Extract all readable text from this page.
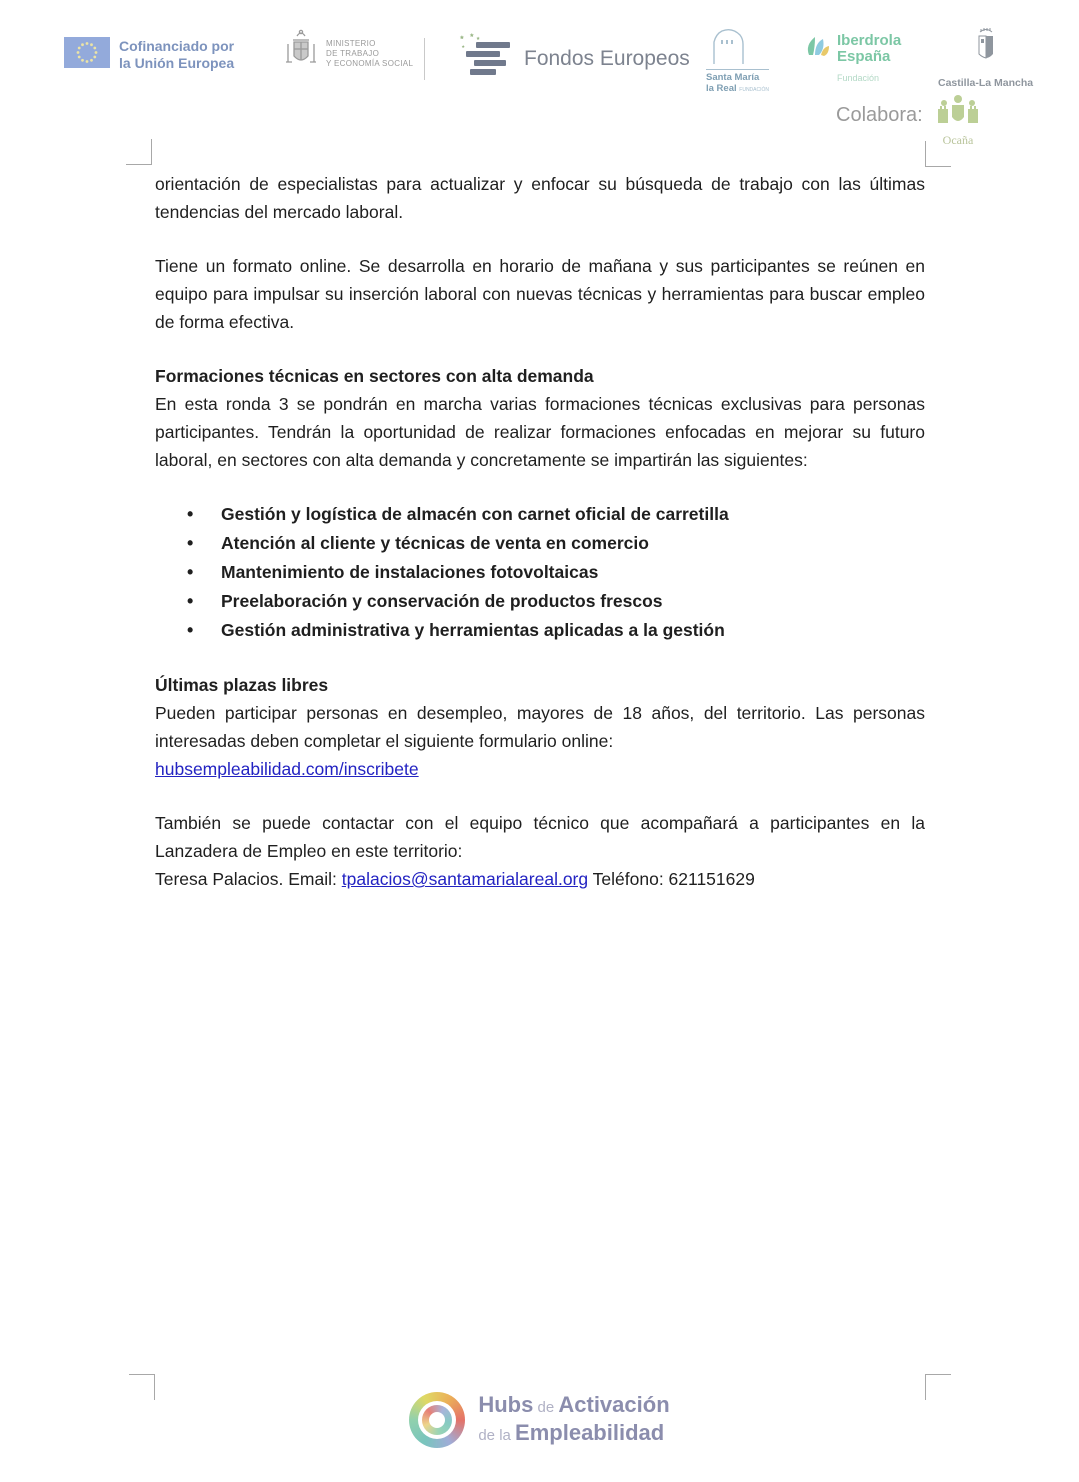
Cofinanciado por
la Unión Europea
MINISTERIO
DE TRABAJO
Y ECONOMÍA SOCIAL	Fondos Europeos
Santa María
la Real FUNDACIÓN
Iberdrola
España
Fundación	Castilla-La Mancha
Colabora:
Ocaña

orientación de especialistas para actualizar y enfocar su búsqueda de trabajo con las últimas tendencias del mercado laboral.

Tiene un formato online. Se desarrolla en horario de mañana y sus participantes se reúnen en equipo para impulsar su inserción laboral con nuevas técnicas y herramientas para buscar empleo de forma efectiva.

Formaciones técnicas en sectores con alta demanda

En esta ronda 3 se pondrán en marcha varias formaciones técnicas exclusivas para personas participantes. Tendrán la oportunidad de realizar formaciones enfocadas en mejorar su futuro laboral, en sectores con alta demanda y concretamente se impartirán las siguientes:

• Gestión y logística de almacén con carnet oficial de carretilla
• Atención al cliente y técnicas de venta en comercio
• Mantenimiento de instalaciones fotovoltaicas
• Preelaboración y conservación de productos frescos
• Gestión administrativa y herramientas aplicadas a la gestión
Últimas plazas libres

Pueden participar personas en desempleo, mayores de 18 años, del territorio. Las personas interesadas deben completar el siguiente formulario online:
hubsempleabilidad.com/inscribete

También se puede contactar con el equipo técnico que acompañará a participantes en la Lanzadera de Empleo en este territorio:

Teresa Palacios. Email: tpalacios@santamarialareal.org Teléfono: 621151629

Hubs de Activación
de la Empleabilidad
